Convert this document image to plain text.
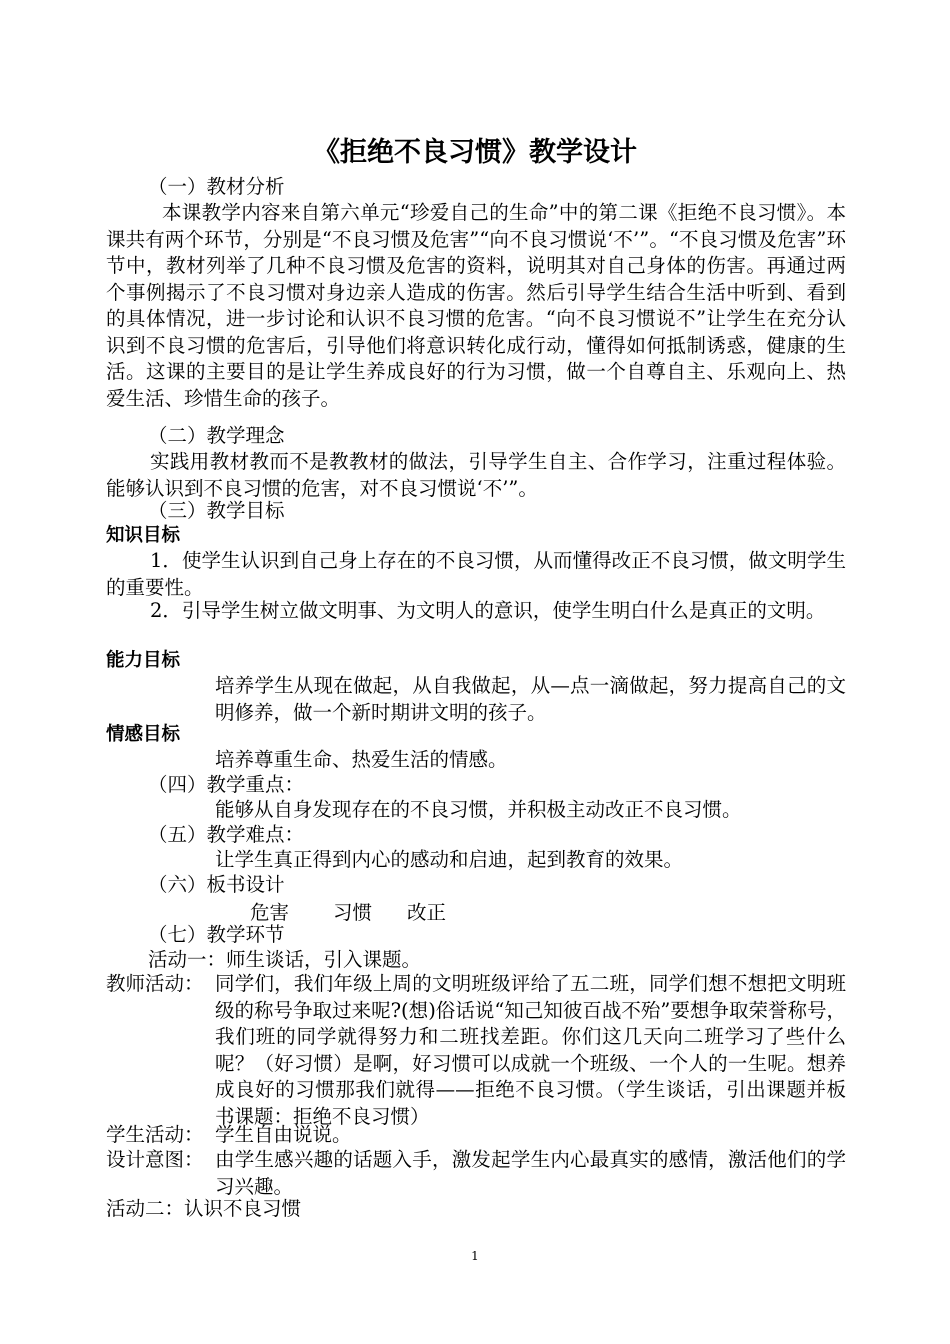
《拒绝不良习惯》教学设计
（一）教材分析
本课教学内容来自第六单元“珍爱自己的生命”中的第二课《拒绝不良习惯》。本课共有两个环节，分别是“不良习惯及危害”“向不良习惯说‘不’”。“不良习惯及危害”环节中，教材列举了几种不良习惯及危害的资料，说明其对自己身体的伤害。再通过两个事例揭示了不良习惯对身边亲人造成的伤害。然后引导学生结合生活中听到、看到的具体情况，进一步讨论和认识不良习惯的危害。“向不良习惯说不”让学生在充分认识到不良习惯的危害后，引导他们将意识转化成行动，懂得如何抵制诱惑，健康的生活。这课的主要目的是让学生养成良好的行为习惯，做一个自尊自主、乐观向上、热爱生活、珍惜生命的孩子。
（二）教学理念
实践用教材教而不是教教材的做法，引导学生自主、合作学习，注重过程体验。能够认识到不良习惯的危害，对不良习惯说‘不’”。
（三）教学目标
知识目标
1．使学生认识到自己身上存在的不良习惯，从而懂得改正不良习惯，做文明学生的重要性。
2．引导学生树立做文明事、为文明人的意识，使学生明白什么是真正的文明。
能力目标
培养学生从现在做起，从自我做起，从—点一滴做起，努力提高自己的文明修养，做一个新时期讲文明的孩子。
情感目标
培养尊重生命、热爱生活的情感。
（四）教学重点：
能够从自身发现存在的不良习惯，并积极主动改正不良习惯。
（五）教学难点：
让学生真正得到内心的感动和启迪，起到教育的效果。
（六）板书设计
危害 习惯 改正
（七）教学环节
活动一：师生谈话，引入课题。
教师活动： 同学们，我们年级上周的文明班级评给了五二班，同学们想不想把文明班级的称号争取过来呢?(想)俗话说“知己知彼百战不殆”要想争取荣誉称号，我们班的同学就得努力和二班找差距。你们这几天向二班学习了些什么呢？（好习惯）是啊，好习惯可以成就一个班级、一个人的一生呢。想养成良好的习惯那我们就得——拒绝不良习惯。（学生谈话，引出课题并板书课题：拒绝不良习惯）
学生活动： 学生自由说说。
设计意图： 由学生感兴趣的话题入手，激发起学生内心最真实的感情，激活他们的学习兴趣。
活动二：认识不良习惯
1
